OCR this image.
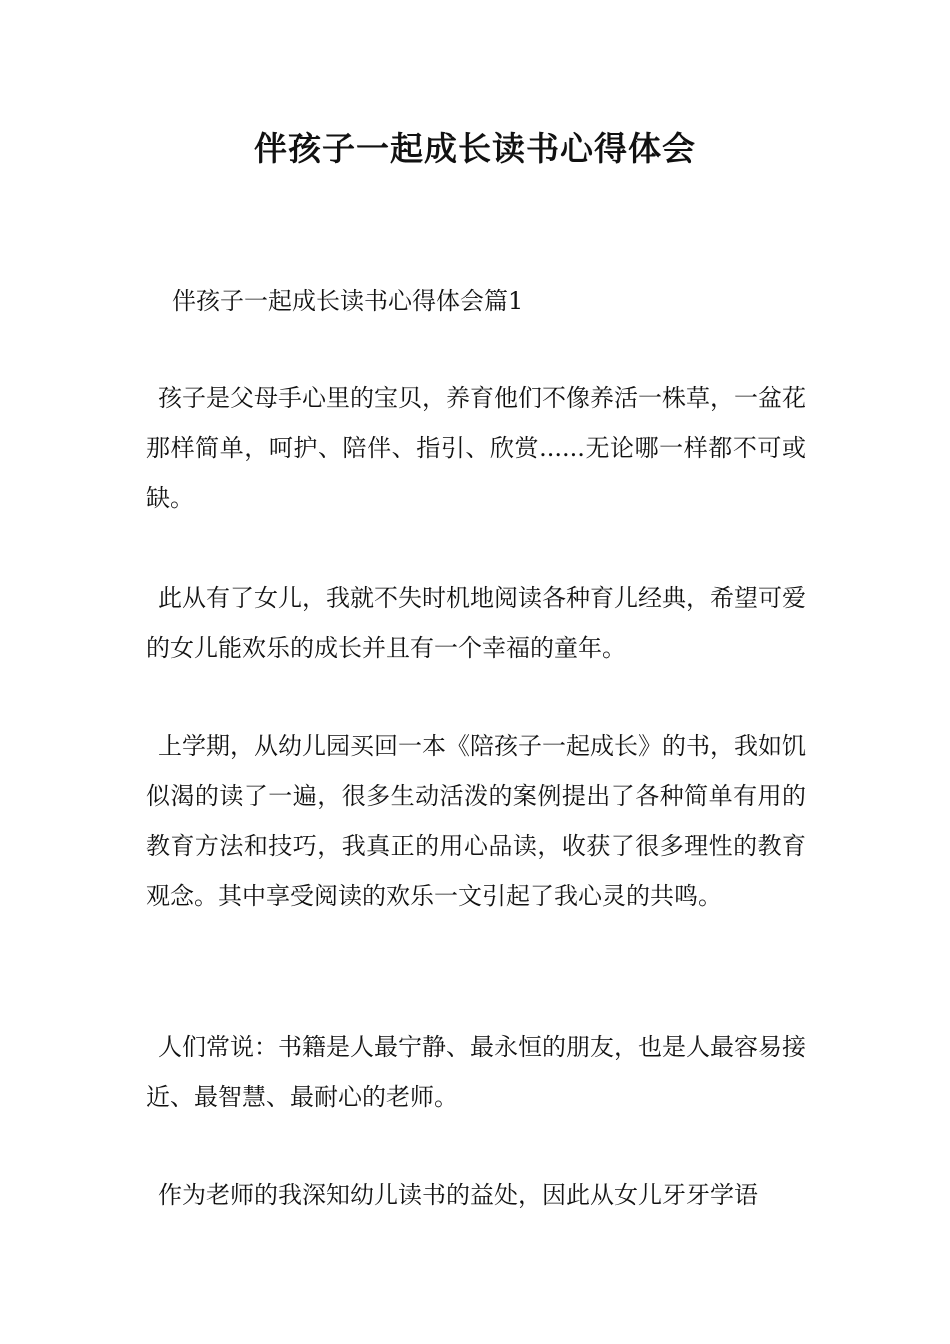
伴孩子一起成长读书心得体会
伴孩子一起成长读书心得体会篇1

孩子是父母手心里的宝贝，养育他们不像养活一株草，一盆花那样简单，呵护、陪伴、指引、欣赏......无论哪一样都不可或缺。

此从有了女儿，我就不失时机地阅读各种育儿经典，希望可爱的女儿能欢乐的成长并且有一个幸福的童年。

上学期，从幼儿园买回一本《陪孩子一起成长》的书，我如饥似渴的读了一遍，很多生动活泼的案例提出了各种简单有用的教育方法和技巧，我真正的用心品读，收获了很多理性的教育观念。其中享受阅读的欢乐一文引起了我心灵的共鸣。

人们常说：书籍是人最宁静、最永恒的朋友，也是人最容易接近、最智慧、最耐心的老师。

作为老师的我深知幼儿读书的益处，因此从女儿牙牙学语
